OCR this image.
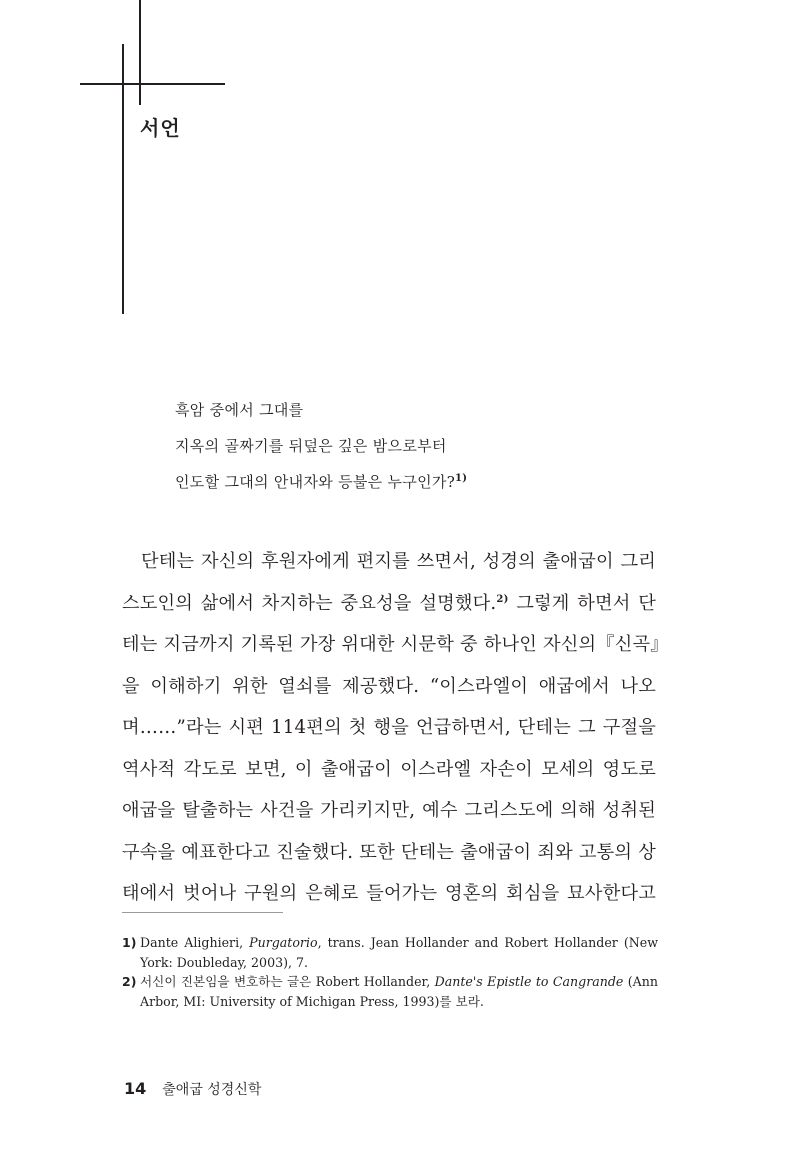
서언
흑암 중에서 그대를
지옥의 골짜기를 뒤덮은 깊은 밤으로부터
인도할 그대의 안내자와 등불은 누구인가?$^{1)}$
단테는 자신의 후원자에게 편지를 쓰면서, 성경의 출애굽이 그리
스도인의 삶에서 차지하는 중요성을 설명했다.$^{2)}$ 그렇게 하면서 단
테는 지금까지 기록된 가장 위대한 시문학 중 하나인 자신의『신곡』
을 이해하기 위한 열쇠를 제공했다. “이스라엘이 애굽에서 나오
며……”라는 시편 114편의 첫 행을 언급하면서, 단테는 그 구절을
역사적 각도로 보면, 이 출애굽이 이스라엘 자손이 모세의 영도로
애굽을 탈출하는 사건을 가리키지만, 예수 그리스도에 의해 성취된
구속을 예표한다고 진술했다. 또한 단테는 출애굽이 죄와 고통의 상
태에서 벗어나 구원의 은혜로 들어가는 영혼의 회심을 묘사한다고
1) Dante Alighieri, Purgatorio, trans. Jean Hollander and Robert Hollander (New
York: Doubleday, 2003), 7.
2) 서신이 진본임을 변호하는 글은 Robert Hollander, Dante's Epistle to Cangrande (Ann
Arbor, MI: University of Michigan Press, 1993)를 보라.
14 출애굽 성경신학
